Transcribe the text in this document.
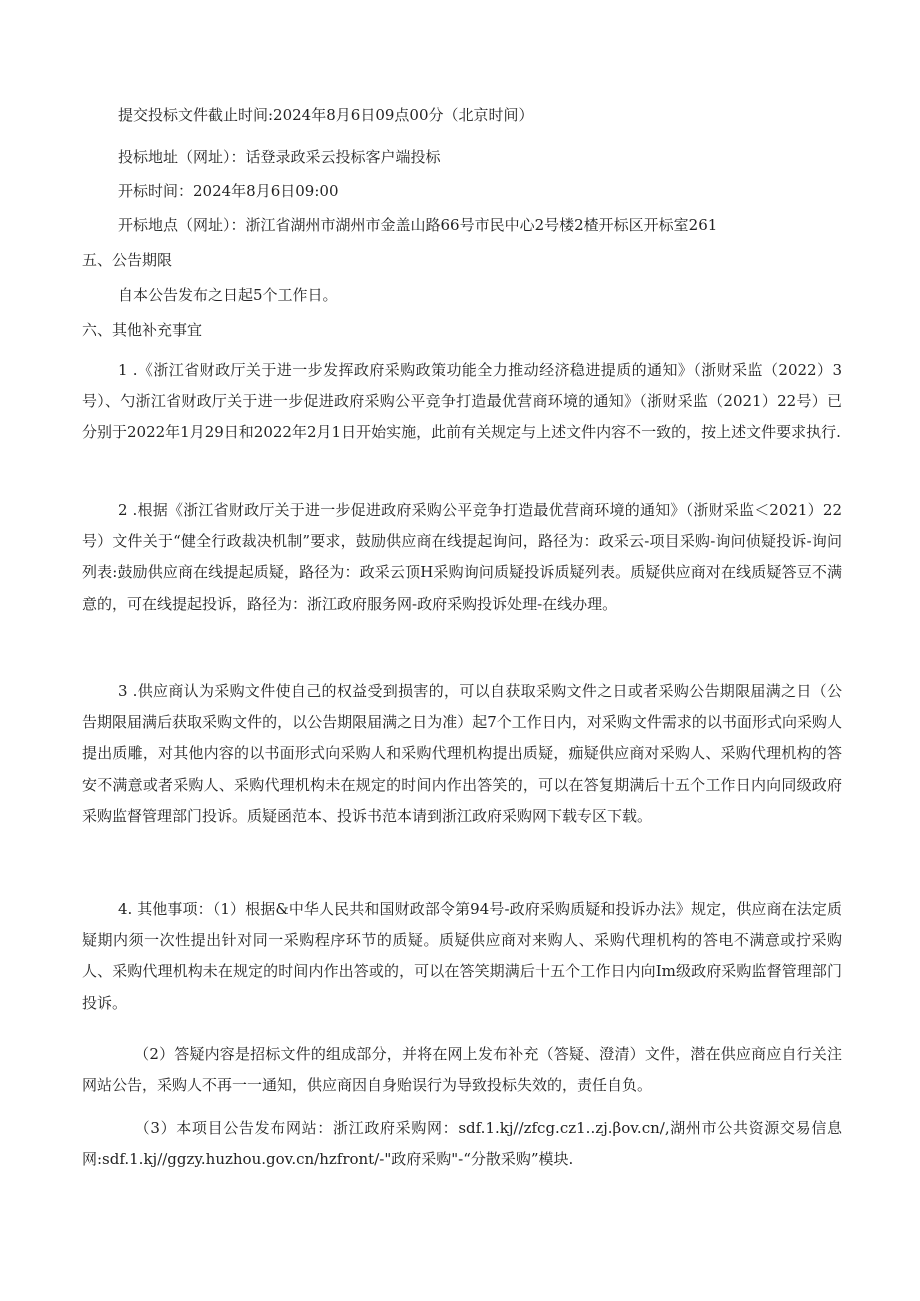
提交投标文件截止时间:2024年8月6日09点00分（北京时间）
投标地址（网址）：话登录政采云投标客户端投标
开标时间：2024年8月6日09:00
开标地点（网址）：浙江省湖州市湖州市金盖山路66号市民中心2号楼2楂开标区开标室261
五、公告期限
自本公告发布之日起5个工作日。
六、其他补充事宜
1 .《浙江省财政厅关于进一步发挥政府采购政策功能全力推动经济稳进提质的通知》（浙财采监（2022）3号）、勺浙江省财政厅关于进一步促进政府采购公平竞争打造最优营商环境的通知》（浙财采监（2021）22号）已分别于2022年1月29日和2022年2月1日开始实施，此前有关规定与上述文件内容不一致的，按上述文件要求执行.
2 .根据《浙江省财政厅关于进一步促进政府采购公平竞争打造最优营商环境的通知》（浙财采监＜2021）22号）文件关于“健全行政裁决机制”要求，鼓励供应商在线提起询问，路径为：政采云-项目采购-询问侦疑投诉-询问列表:鼓励供应商在线提起质疑，路径为：政采云顶H采购询问质疑投诉质疑列表。质疑供应商对在线质疑答豆不满意的，可在线提起投诉，路径为：浙江政府服务网-政府采购投诉处理-在线办理。
3 .供应商认为采购文件使自己的权益受到损害的，可以自获取采购文件之日或者采购公告期限届满之日（公告期限届满后获取采购文件的，以公告期限届满之日为准）起7个工作日内，对采购文件需求的以书面形式向采购人提出质雕，对其他内容的以书面形式向采购人和采购代理机构提出质疑，痂疑供应商对采购人、采购代理机构的答安不满意或者采购人、采购代理机构未在规定的时间内作出答笑的，可以在答复期满后十五个工作日内向同级政府采购监督管理部门投诉。质疑函范本、投诉书范本请到浙江政府采购网下载专区下载。
4. 其他事项：（1）根据&中华人民共和国财政部令第94号-政府采购质疑和投诉办法》规定，供应商在法定质疑期内须一次性提出针对同一采购程序环节的质疑。质疑供应商对来购人、采购代理机构的答电不满意或拧采购人、采购代理机构未在规定的时间内作出答或的，可以在答笑期满后十五个工作日内向Im级政府采购监督管理部门投诉。
（2）答疑内容是招标文件的组成部分，并将在网上发布补充（答疑、澄清）文件，潜在供应商应自行关注网站公告，采购人不再一一通知，供应商因自身贻误行为导致投标失效的，责任自负。
（3）本项目公告发布网站：浙江政府采购网：sdf.1.kj∕∕zfcg.cz1..zj.βov.cn∕,湖州市公共资源交易信息网:sdf.1.kj∕∕ggzy.huzhou.gov.cn∕hzfront∕-"政府采购"-“分散采购”模块.
